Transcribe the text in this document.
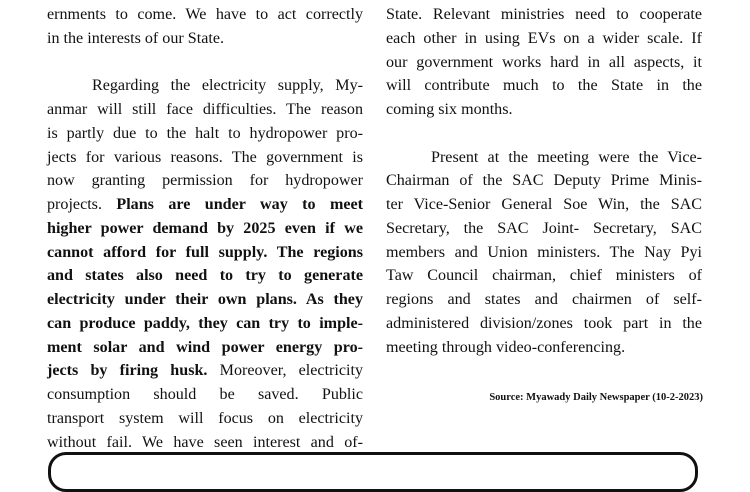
ernments to come. We have to act correctly
in the interests of our State.
Regarding the electricity supply, My-
anmar will still face difficulties. The reason
is partly due to the halt to hydropower pro-
jects for various reasons. The government is
now granting permission for hydropower
projects. Plans are under way to meet
higher power demand by 2025 even if we
cannot afford for full supply. The regions
and states also need to try to generate
electricity under their own plans. As they
can produce paddy, they can try to imple-
ment solar and wind power energy pro-
jects by firing husk. Moreover, electricity
consumption should be saved. Public
transport system will focus on electricity
without fail. We have seen interest and of-
State. Relevant ministries need to cooperate
each other in using EVs on a wider scale. If
our government works hard in all aspects, it
will contribute much to the State in the
coming six months.
Present at the meeting were the Vice-
Chairman of the SAC Deputy Prime Minis-
ter Vice-Senior General Soe Win, the SAC
Secretary, the SAC Joint- Secretary, SAC
members and Union ministers. The Nay Pyi
Taw Council chairman, chief ministers of
regions and states and chairmen of self-
administered division/zones took part in the
meeting through video-conferencing.
Source: Myawady Daily Newspaper (10-2-2023)
